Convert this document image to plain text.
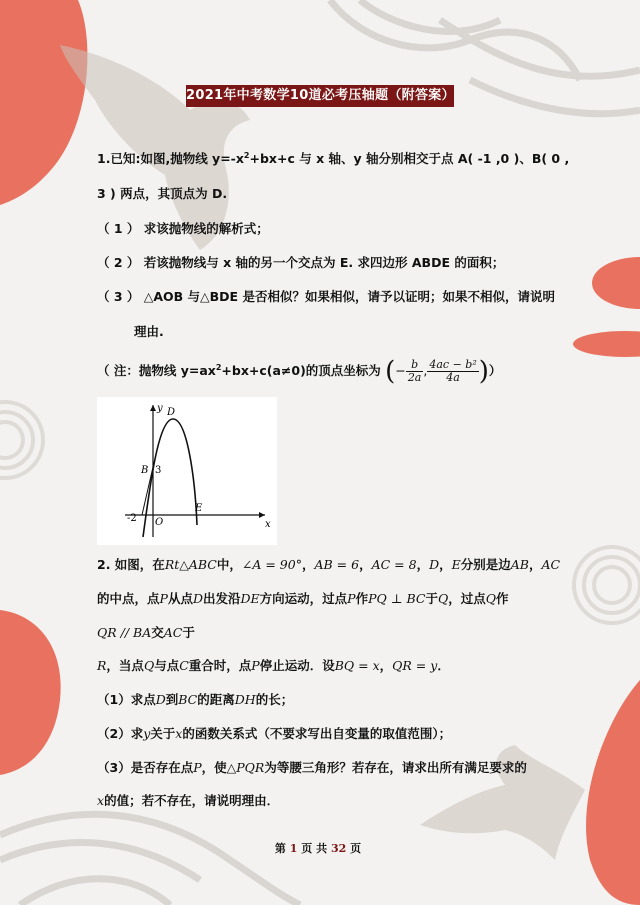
2021年中考数学10道必考压轴题（附答案）
1.已知:如图,抛物线 $y=-x^2+bx+c$ 与 x 轴、y 轴分别相交于点 A( -1 ,0 )、B( 0 ,
3 ) 两点，其顶点为 D.
（ 1 ） 求该抛物线的解析式；
（ 2 ） 若该抛物线与 x 轴的另一个交点为 E. 求四边形 ABDE 的面积；
（ 3 ） △AOB 与△BDE 是否相似？如果相似，请予以证明；如果不相似，请说明
理由.
（ 注：抛物线 $y=ax^2+bx+c(a\ne 0)$的顶点坐标为 (− $\frac{b}{2a}$ , $\frac{\text{4ac − b²}}{4a}$ )）
y
x
D
B 3
E
O
-2
2. 如图，在Rt△ABC中，∠A = 90°，AB = 6，AC = 8，D，E分别是边AB，AC
的中点，点P从点D出发沿DE方向运动，过点P作PQ ⊥ BC于Q，过点Q作
QR // BA交AC于
R，当点Q与点C重合时，点P停止运动．设BQ = x，QR = y．
（1）求点D到BC的距离DH的长；
（2）求y关于x的函数关系式（不要求写出自变量的取值范围）；
（3）是否存在点P，使△PQR为等腰三角形？若存在，请求出所有满足要求的
x的值；若不存在，请说明理由．
第 1 页 共 32 页
